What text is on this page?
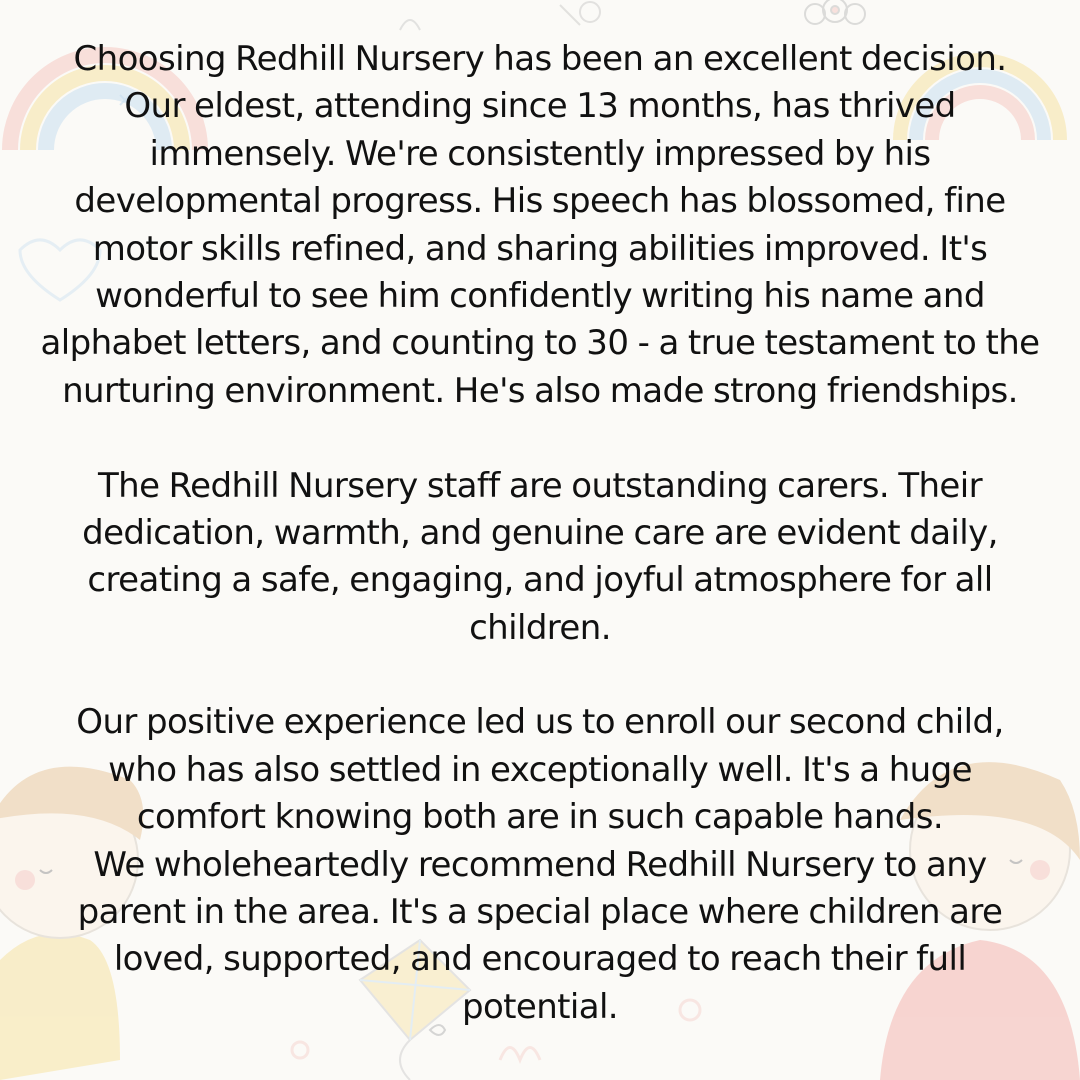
Choosing Redhill Nursery has been an excellent decision.
Our eldest, attending since 13 months, has thrived
immensely. We're consistently impressed by his
developmental progress. His speech has blossomed, fine
motor skills refined, and sharing abilities improved. It's
wonderful to see him confidently writing his name and
alphabet letters, and counting to 30 - a true testament to the
nurturing environment. He's also made strong friendships.
The Redhill Nursery staff are outstanding carers. Their
dedication, warmth, and genuine care are evident daily,
creating a safe, engaging, and joyful atmosphere for all
children.
Our positive experience led us to enroll our second child,
who has also settled in exceptionally well. It's a huge
comfort knowing both are in such capable hands.
We wholeheartedly recommend Redhill Nursery to any
parent in the area. It's a special place where children are
loved, supported, and encouraged to reach their full
potential.
